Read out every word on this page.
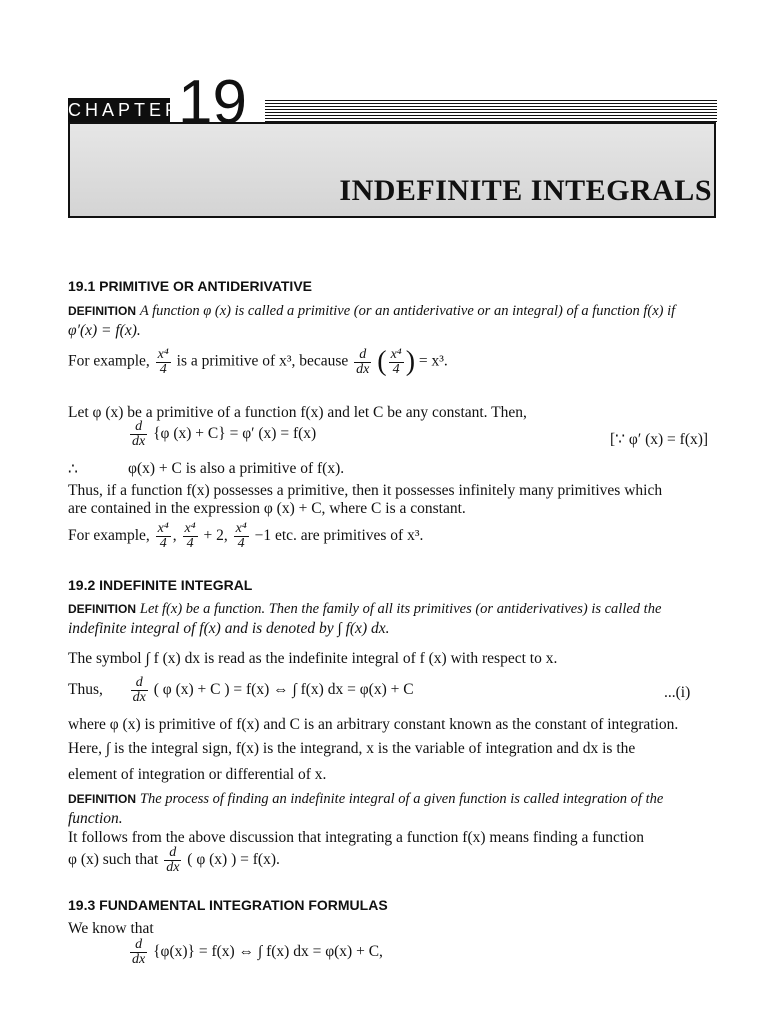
CHAPTER
19
INDEFINITE INTEGRALS
19.1 PRIMITIVE OR ANTIDERIVATIVE
DEFINITION A function φ (x) is called a primitive (or an antiderivative or an integral) of a function f(x) if
φ′(x) = f(x).
For example, $\frac{\text{x⁴}}{4}$ is a primitive of x³, because $\frac{d}{dx}$ ( $\frac{\text{x⁴}}{4}$ ) = x³.
Let φ (x) be a primitive of a function f(x) and let C be any constant. Then,
$\frac{d}{dx} \{\varphi$ (x) + C} = φ′ (x) = f(x)	[∵ φ′ (x) = f(x)]
∴	φ(x) + C is also a primitive of f(x).
Thus, if a function f(x) possesses a primitive, then it possesses infinitely many primitives which
are contained in the expression φ (x) + C, where C is a constant.
For example, $\frac{\text{x⁴}}{4}$ , $\frac{\text{x⁴}}{4} + 2$, $\frac{\text{x⁴}}{4} -1$ etc. are primitives of x³.
19.2 INDEFINITE INTEGRAL
DEFINITION Let f(x) be a function. Then the family of all its primitives (or antiderivatives) is called the
indefinite integral of f(x) and is denoted by ∫ f(x) dx.
The symbol ∫ f (x) dx is read as the indefinite integral of f (x) with respect to x.
Thus, $\frac{d}{dx}$ ( φ (x) + C ) = f(x) ⇔ ∫ f(x) dx = φ(x) + C	...(i)
where φ (x) is primitive of f(x) and C is an arbitrary constant known as the constant of integration.
Here, ∫ is the integral sign, f(x) is the integrand, x is the variable of integration and dx is the
element of integration or differential of x.
DEFINITION The process of finding an indefinite integral of a given function is called integration of the
function.
It follows from the above discussion that integrating a function f(x) means finding a function
φ (x) such that $\frac{d}{dx}$ ( φ (x) ) = f(x).
19.3 FUNDAMENTAL INTEGRATION FORMULAS
We know that
$\frac{d}{dx} \{\varphi(x)\} = f(x)$ ⇔ ∫ f(x) dx = φ(x) + C,
